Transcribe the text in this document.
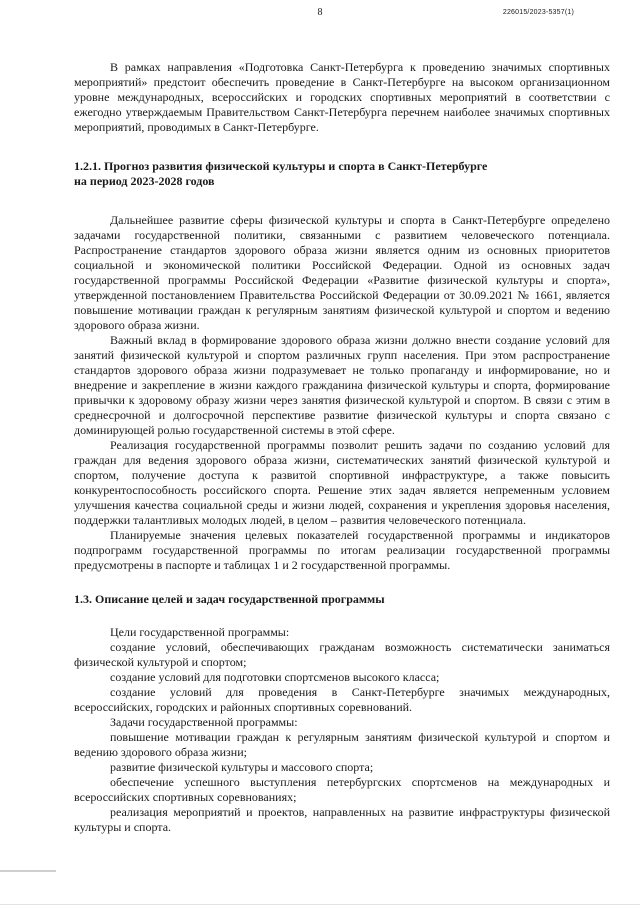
8	226015/2023-5357(1)

В рамках направления «Подготовка Санкт-Петербурга к проведению значимых спортивных мероприятий» предстоит обеспечить проведение в Санкт-Петербурге на высоком организационном уровне международных, всероссийских и городских спортивных мероприятий в соответствии с ежегодно утверждаемым Правительством Санкт-Петербурга перечнем наиболее значимых спортивных мероприятий, проводимых в Санкт-Петербурге.

1.2.1. Прогноз развития физической культуры и спорта в Санкт-Петербурге

на период 2023-2028 годов

Дальнейшее развитие сферы физической культуры и спорта в Санкт-Петербурге определено задачами государственной политики, связанными с развитием человеческого потенциала. Распространение стандартов здорового образа жизни является одним из основных приоритетов социальной и экономической политики Российской Федерации. Одной из основных задач государственной программы Российской Федерации «Развитие физической культуры и спорта», утвержденной постановлением Правительства Российской Федерации от 30.09.2021 № 1661, является повышение мотивации граждан к регулярным занятиям физической культурой и спортом и ведению здорового образа жизни.

Важный вклад в формирование здорового образа жизни должно внести создание условий для занятий физической культурой и спортом различных групп населения. При этом распространение стандартов здорового образа жизни подразумевает не только пропаганду и информирование, но и внедрение и закрепление в жизни каждого гражданина физической культуры и спорта, формирование привычки к здоровому образу жизни через занятия физической культурой и спортом. В связи с этим в среднесрочной и долгосрочной перспективе развитие физической культуры и спорта связано с доминирующей ролью государственной системы в этой сфере.

Реализация государственной программы позволит решить задачи по созданию условий для граждан для ведения здорового образа жизни, систематических занятий физической культурой и спортом, получение доступа к развитой спортивной инфраструктуре, а также повысить конкурентоспособность российского спорта. Решение этих задач является непременным условием улучшения качества социальной среды и жизни людей, сохранения и укрепления здоровья населения, поддержки талантливых молодых людей, в целом – развития человеческого потенциала.

Планируемые значения целевых показателей государственной программы и индикаторов подпрограмм государственной программы по итогам реализации государственной программы предусмотрены в паспорте и таблицах 1 и 2 государственной программы.

1.3. Описание целей и задач государственной программы

Цели государственной программы:

создание условий, обеспечивающих гражданам возможность систематически заниматься физической культурой и спортом;

создание условий для подготовки спортсменов высокого класса;

создание условий для проведения в Санкт-Петербурге значимых международных, всероссийских, городских и районных спортивных соревнований.

Задачи государственной программы:

повышение мотивации граждан к регулярным занятиям физической культурой и спортом и ведению здорового образа жизни;

развитие физической культуры и массового спорта;

обеспечение успешного выступления петербургских спортсменов на международных и всероссийских спортивных соревнованиях;

реализация мероприятий и проектов, направленных на развитие инфраструктуры физической культуры и спорта.
